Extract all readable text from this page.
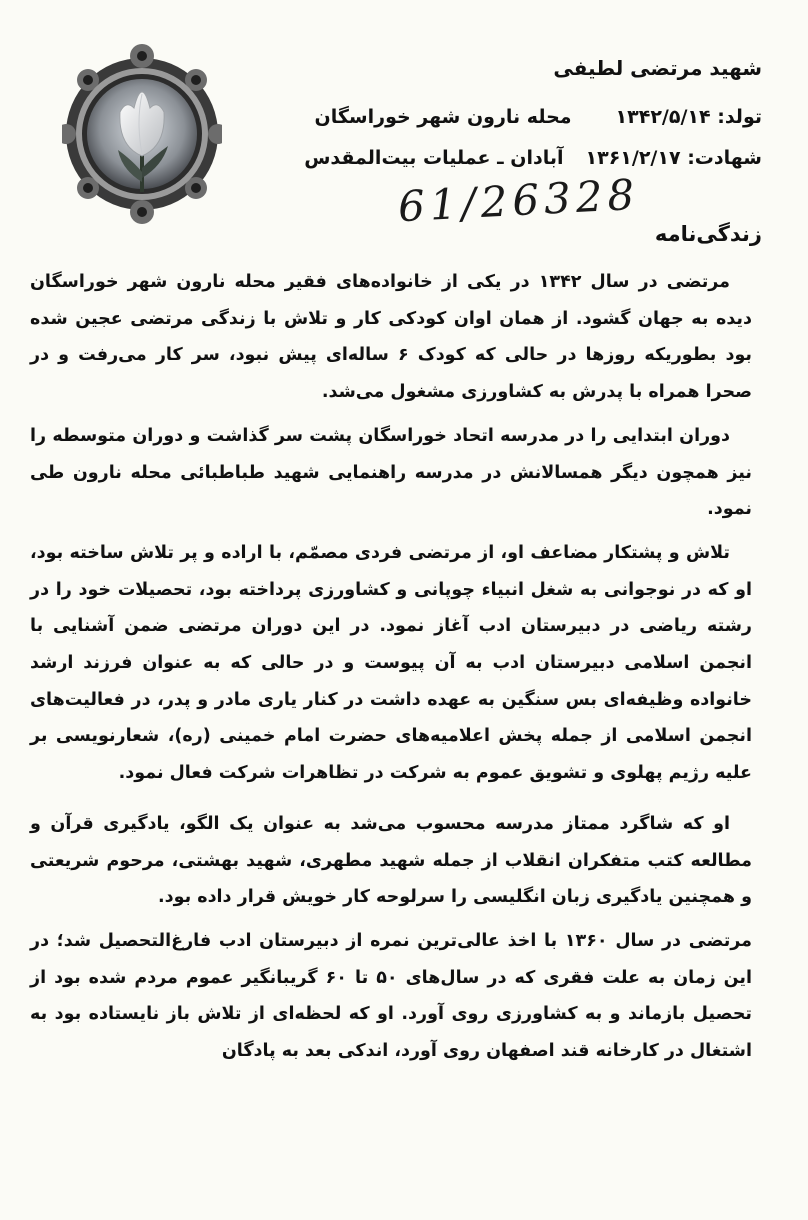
شهید مرتضی لطیفی
تولد: ۱۳۴۲/۵/۱۴
محله نارون شهر خوراسگان
شهادت: ۱۳۶۱/۲/۱۷
آبادان ـ عملیات بیت‌المقدس
61/26328
زندگی‌نامه

مرتضی در سال ۱۳۴۲ در یکی از خانواده‌های فقیر محله نارون شهر خوراسگان دیده به جهان گشود. از همان اوان کودکی کار و تلاش با زندگی مرتضی عجین شده بود بطوریکه روزها در حالی که کودک ۶ ساله‌ای پیش نبود، سر کار می‌رفت و در صحرا همراه با پدرش به کشاورزی مشغول می‌شد.

دوران ابتدایی را در مدرسه اتحاد خوراسگان پشت سر گذاشت و دوران متوسطه را نیز همچون دیگر همسالانش در مدرسه راهنمایی شهید طباطبائی محله نارون طی نمود.

تلاش و پشتکار مضاعف او، از مرتضی فردی مصمّم، با اراده و پر تلاش ساخته بود، او که در نوجوانی به شغل انبیاء چوپانی و کشاورزی پرداخته بود، تحصیلات خود را در رشته ریاضی در دبیرستان ادب آغاز نمود. در این دوران مرتضی ضمن آشنایی با انجمن اسلامی دبیرستان ادب به آن پیوست و در حالی که به عنوان فرزند ارشد خانواده وظیفه‌ای بس سنگین به عهده داشت در کنار یاری مادر و پدر، در فعالیت‌های انجمن اسلامی از جمله پخش اعلامیه‌های حضرت امام خمینی (ره)، شعارنویسی بر علیه رژیم پهلوی و تشویق عموم به شرکت در تظاهرات شرکت فعال نمود.

او که شاگرد ممتاز مدرسه محسوب می‌شد به عنوان یک الگو، یادگیری قرآن و مطالعه کتب متفکران انقلاب از جمله شهید مطهری، شهید بهشتی، مرحوم شریعتی و همچنین یادگیری زبان انگلیسی را سرلوحه کار خویش قرار داده بود.

مرتضی در سال ۱۳۶۰ با اخذ عالی‌ترین نمره از دبیرستان ادب فارغ‌التحصیل شد؛ در این زمان به علت فقری که در سال‌های ۵۰ تا ۶۰ گریبانگیر عموم مردم شده بود از تحصیل بازماند و به کشاورزی روی آورد. او که لحظه‌ای از تلاش باز نایستاده بود به اشتغال در کارخانه قند اصفهان روی آورد، اندکی بعد به پادگان
